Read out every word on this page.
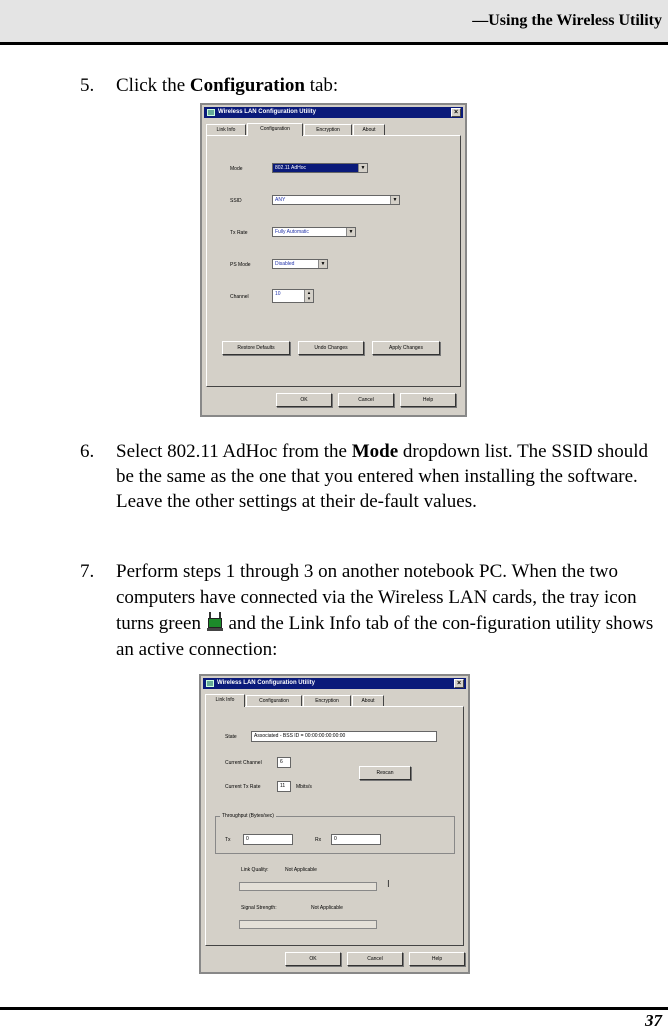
—Using the Wireless Utility
5. Click the Configuration tab:
Wireless LAN Configuration Utility	×
Link Info	Configuration	Encryption	About
Mode	802.11 AdHoc	▼
SSID	ANY	▼
Tx Rate	Fully Automatic	▼
PS Mode	Disabled	▼
Channel	10	▴
▾
Restore Defaults	Undo Changes	Apply Changes
OK	Cancel	Help
6. Select 802.11 AdHoc from the Mode dropdown list. The SSID should be the same as the one that you entered when installing the software. Leave the other settings at their de-fault values.
7. Perform steps 1 through 3 on another notebook PC. When the two computers have connected via the Wireless LAN cards, the tray icon turns green
and the Link Info tab of the con-figuration utility shows an active connection:
Wireless LAN Configuration Utility	×
Link Info	Configuration	Encryption	About
State	Associated - BSS ID = 00:00:00:00:00:00
Current Channel	6
Current Tx Rate	11	Mbits/s
Rescan
Throughput (Bytes/sec)
Tx	0	Rx	0
Link Quality:	Not Applicable
I
Signal Strength:	Not Applicable
OK	Cancel	Help
37
